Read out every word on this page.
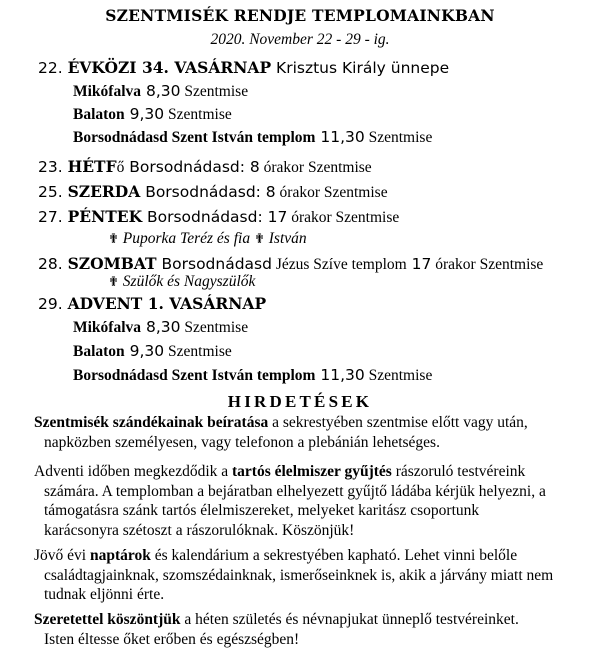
SZENTMISÉK RENDJE TEMPLOMAINKBAN
2020. November 22 - 29 - ig.
22. ÉVKÖZI 34. VASÁRNAP Krisztus Király ünnepe
Mikófalva 8,30 Szentmise
Balaton 9,30 Szentmise
Borsodnádasd Szent István templom 11,30 Szentmise
23. HÉTFő Borsodnádasd: 8 órakor Szentmise
25. SZERDA Borsodnádasd: 8 órakor Szentmise
27. PÉNTEK Borsodnádasd: 17 órakor Szentmise
✟ Puporka Teréz és fia ✟ István
28. SZOMBAT Borsodnádasd Jézus Szíve templom 17 órakor Szentmise
✟ Szülők és Nagyszülők
29. ADVENT 1. VASÁRNAP
Mikófalva 8,30 Szentmise
Balaton 9,30 Szentmise
Borsodnádasd Szent István templom 11,30 Szentmise
HIRDETÉSEK
Szentmisék szándékainak beíratása a sekrestyében szentmise előtt vagy után,
napközben személyesen, vagy telefonon a plebánián lehetséges.
Adventi időben megkezdődik a tartós élelmiszer gyűjtés rászoruló testvéreink
számára. A templomban a bejáratban elhelyezett gyűjtő ládába kérjük helyezni, a támogatásra szánk tartós élelmiszereket, melyeket karitász csoportunk karácsonyra szétoszt a rászorulóknak. Köszönjük!
Jövő évi naptárok és kalendárium a sekrestyében kapható. Lehet vinni belőle
családtagjainknak, szomszédainknak, ismerőseinknek is, akik a járvány miatt nem tudnak eljönni érte.
Szeretettel köszöntjük a héten születés és névnapjukat ünneplő testvéreinket.
Isten éltesse őket erőben és egészségben!
